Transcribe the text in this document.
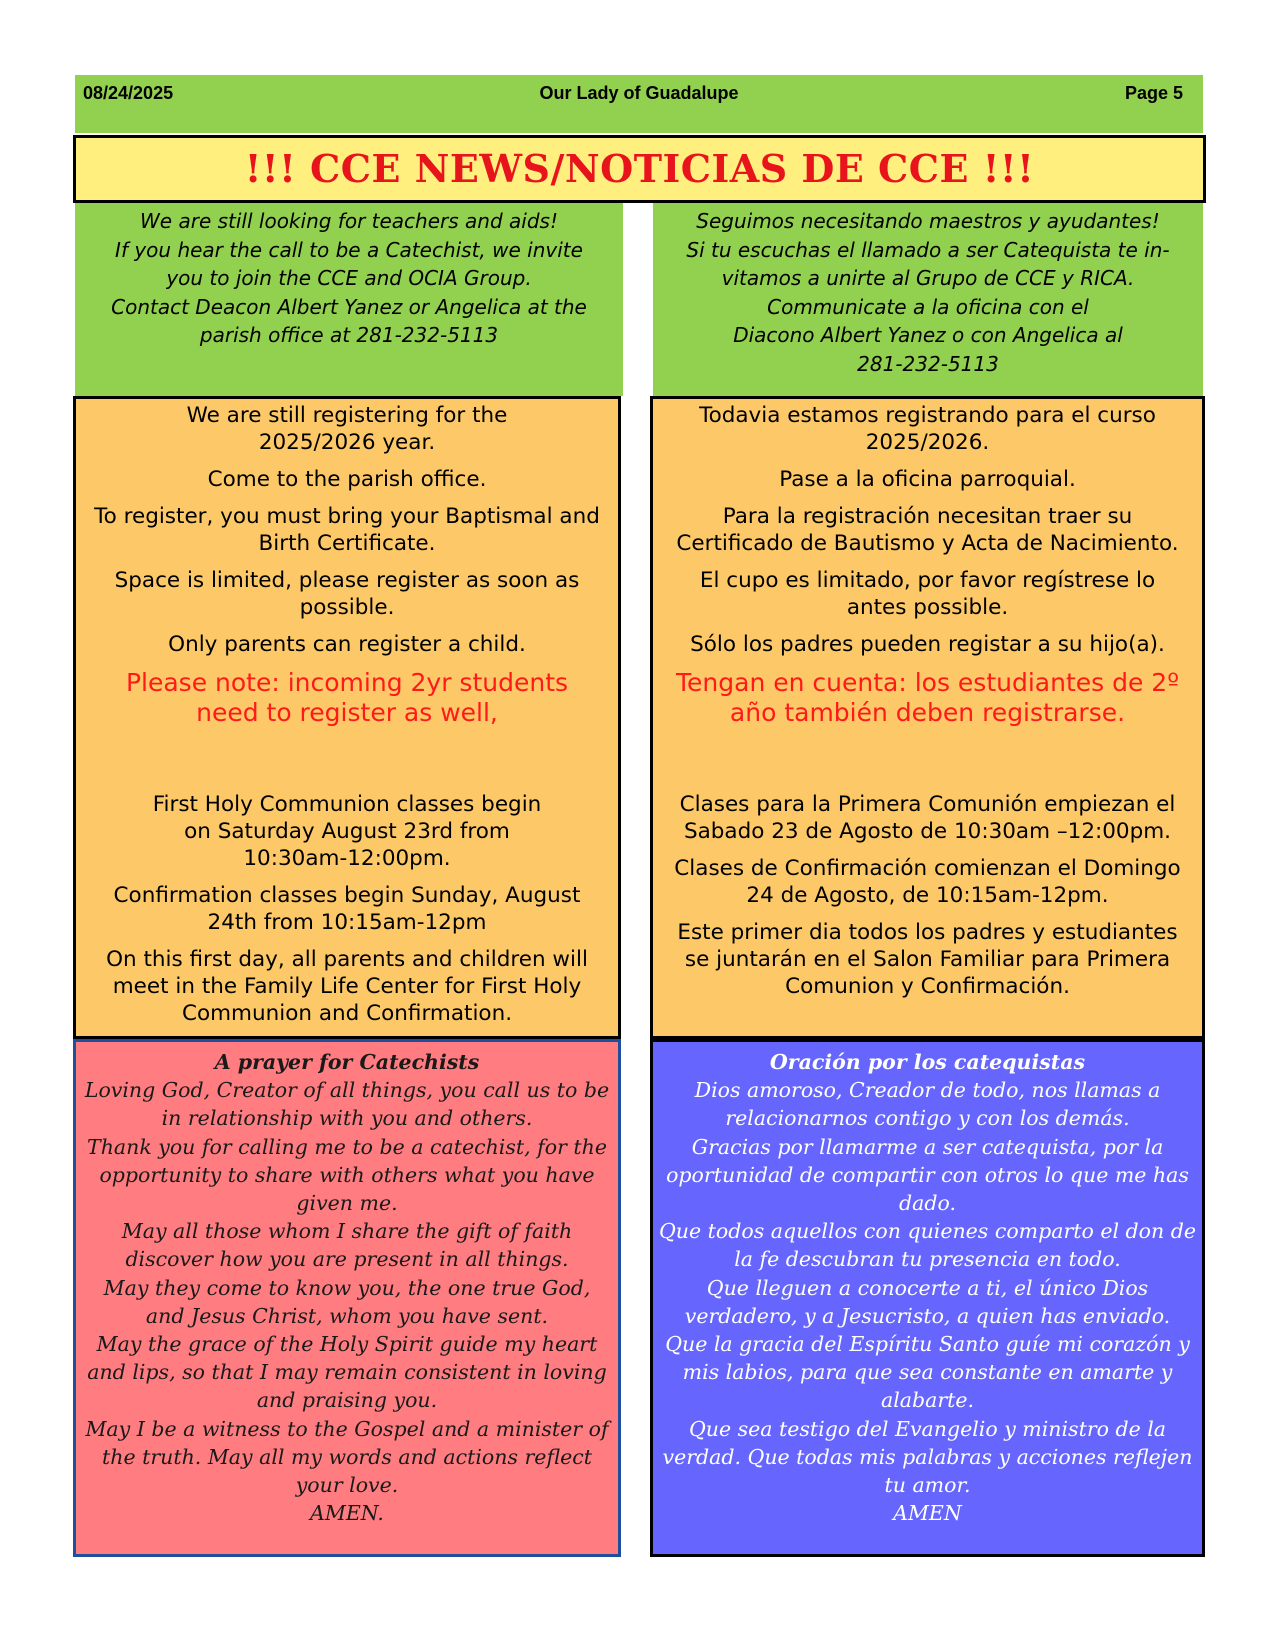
Our Lady of Guadalupe
08/24/2025	Page 5
!!! CCE NEWS/NOTICIAS DE CCE !!!
We are still looking for teachers and aids!
If you hear the call to be a Catechist, we invite
you to join the CCE and OCIA Group.
Contact Deacon Albert Yanez or Angelica at the
parish office at 281-232-5113
Seguimos necesitando maestros y ayudantes!
Si tu escuchas el llamado a ser Catequista te in-
vitamos a unirte al Grupo de CCE y RICA.
Communicate a la oficina con el
Diacono Albert Yanez o con Angelica al
281-232-5113

We are still registering for the 2025/2026 year.

Come to the parish office.

To register, you must bring your Baptismal and Birth Certificate.

Space is limited, please register as soon as possible.

Only parents can register a child.

Please note: incoming 2yr students need to register as well,

First Holy Communion classes begin on Saturday August 23rd from 10:30am-12:00pm.

Confirmation classes begin Sunday, August 24th from 10:15am-12pm

On this first day, all parents and children will meet in the Family Life Center for First Holy Communion and Confirmation.

Todavia estamos registrando para el curso 2025/2026.

Pase a la oficina parroquial.

Para la registración necesitan traer su Certificado de Bautismo y Acta de Nacimiento.

El cupo es limitado, por favor regístrese lo antes possible.

Sólo los padres pueden registar a su hijo(a).

Tengan en cuenta: los estudiantes de 2º año también deben registrarse.

Clases para la Primera Comunión empiezan el Sabado 23 de Agosto de 10:30am –12:00pm.

Clases de Confirmación comienzan el Domingo 24 de Agosto, de 10:15am-12pm.

Este primer dia todos los padres y estudiantes se juntarán en el Salon Familiar para Primera Comunion y Confirmación.

A prayer for Catechists
Loving God, Creator of all things, you call us to be in relationship with you and others.
Thank you for calling me to be a catechist, for the opportunity to share with others what you have given me.
May all those whom I share the gift of faith discover how you are present in all things.
May they come to know you, the one true God, and Jesus Christ, whom you have sent.
May the grace of the Holy Spirit guide my heart and lips, so that I may remain consistent in loving and praising you.
May I be a witness to the Gospel and a minister of the truth. May all my words and actions reflect your love.
AMEN.
Oración por los catequistas
Dios amoroso, Creador de todo, nos llamas a relacionarnos contigo y con los demás.
Gracias por llamarme a ser catequista, por la oportunidad de compartir con otros lo que me has dado.
Que todos aquellos con quienes comparto el don de la fe descubran tu presencia en todo.
Que lleguen a conocerte a ti, el único Dios verdadero, y a Jesucristo, a quien has enviado.
Que la gracia del Espíritu Santo guíe mi corazón y mis labios, para que sea constante en amarte y alabarte.
Que sea testigo del Evangelio y ministro de la verdad. Que todas mis palabras y acciones reflejen tu amor.
AMEN
